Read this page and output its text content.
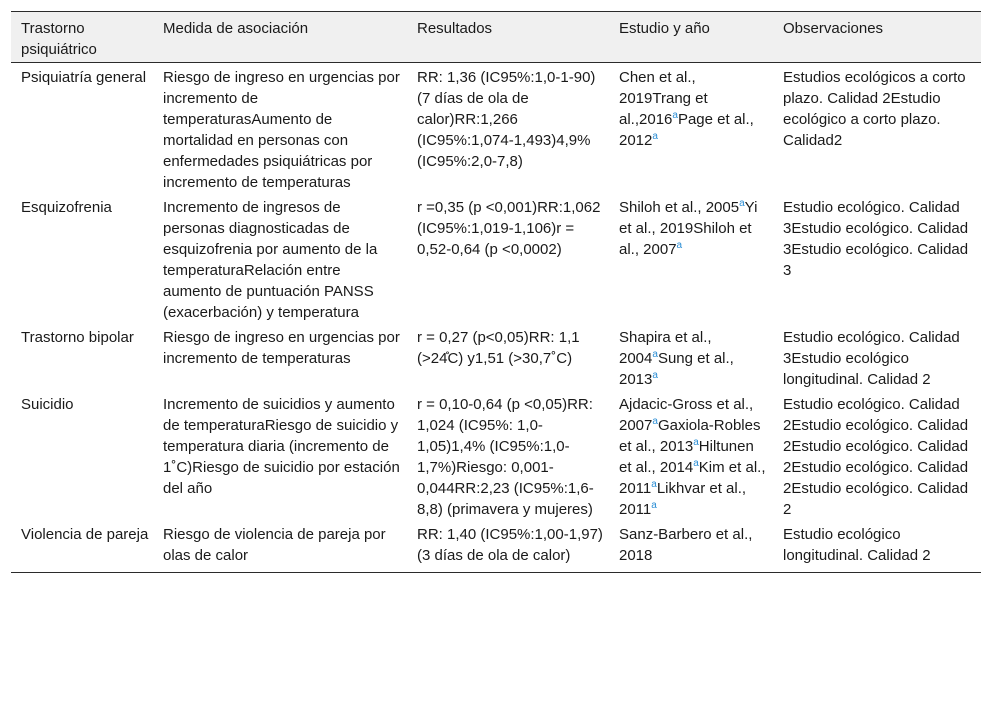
Trastorno psiquiátrico	Medida de asociación	Resultados	Estudio y año	Observaciones
Psiquiatría general	Riesgo de ingreso en urgencias por incremento de temperaturasAumento de mortalidad en personas con enfermedades psiquiátricas por incremento de temperaturas	RR: 1,36 (IC95%:1,0-1-90) (7 días de ola de calor)RR:1,266 (IC95%:1,074-1,493)4,9% (IC95%:2,0-7,8)	Chen et al., 2019Trang et al.,2016$^a$Page et al., 2012$^a$	Estudios ecológicos a corto plazo. Calidad 2Estudio ecológico a corto plazo. Calidad2
Esquizofrenia	Incremento de ingresos de personas diagnosticadas de esquizofrenia por aumento de la temperaturaRelación entre aumento de puntuación PANSS (exacerbación) y temperatura	r =0,35 (p <0,001)RR:1,062 (IC95%:1,019-1,106)r = 0,52-0,64 (p <0,0002)	Shiloh et al., 2005$^a$Yi et al., 2019Shiloh et al., 2007$^a$	Estudio ecológico. Calidad 3Estudio ecológico. Calidad 3Estudio ecológico. Calidad 3
Trastorno bipolar	Riesgo de ingreso en urgencias por incremento de temperaturas	r = 0,27 (p<0,05)RR: 1,1 (>24̊C) y1,51 (>30,7˚C)	Shapira et al., 2004$^a$Sung et al., 2013$^a$	Estudio ecológico. Calidad 3Estudio ecológico longitudinal. Calidad 2
Suicidio	Incremento de suicidios y aumento de temperaturaRiesgo de suicidio y temperatura diaria (incremento de 1˚C)Riesgo de suicidio por estación del año	r = 0,10-0,64 (p <0,05)RR: 1,024 (IC95%: 1,0-1,05)1,4% (IC95%:1,0-1,7%)Riesgo: 0,001-0,044RR:2,23 (IC95%:1,6-8,8) (primavera y mujeres)	Ajdacic-Gross et al., 2007$^a$Gaxiola-Robles et al., 2013$^a$Hiltunen et al., 2014$^a$Kim et al., 2011$^a$Likhvar et al., 2011$^a$	Estudio ecológico. Calidad 2Estudio ecológico. Calidad 2Estudio ecológico. Calidad 2Estudio ecológico. Calidad 2Estudio ecológico. Calidad 2
Violencia de pareja	Riesgo de violencia de pareja por olas de calor	RR: 1,40 (IC95%:1,00-1,97) (3 días de ola de calor)	Sanz-Barbero et al., 2018	Estudio ecológico longitudinal. Calidad 2
